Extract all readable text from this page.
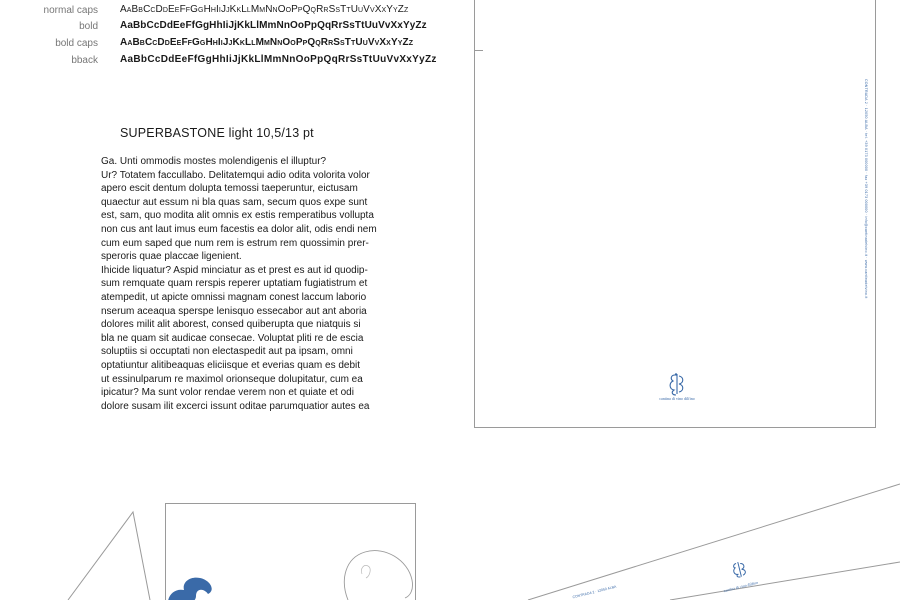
normal caps AaBbCcDdEeFfGgHhIiJjKkLlMmNnOoPpQqRrSsTtUuVvXxYyZz
bold AaBbCcDdEeFfGgHhIiJjKkLlMmNnOoPpQqRrSsTtUuVvXxYyZz
bold caps AaBbCcDdEeFfGgHhIiJjKkLlMmNnOoPpQqRrSsTtUuVvXxYyZz
bback AaBbCcDdEeFfGgHhIiJjKkLlMmNnOoPpQqRrSsTtUuVvXxYyZz
SUPERBASTONE light 10,5/13 pt

Ga. Unti ommodis mostes molendigenis el illuptur?
Ur? Totatem faccullabo. Delitatemqui adio odita volorita volor
apero escit dentum dolupta temossi taeperuntur, eictusam
quaectur aut essum ni bla quas sam, secum quos expe sunt
est, sam, quo modita alit omnis ex estis remperatibus vollupta
non cus ant laut imus eum facestis ea dolor alit, odis endi nem
cum eum saped que num rem is estrum rem quossimin prer-
speroris quae placcae ligenient.

Ihicide liquatur? Aspid minciatur as et prest es aut id quodip-
sum remquate quam rerspis reperer uptatiam fugiatistrum et
atempedit, ut apicte omnissi magnam conest laccum laborio
nserum aceaqua sperspe lenisquo essecabor aut ant aboria
dolores milit alit aborest, consed quiberupta que niatquis si
bla ne quam sit audicae consecae. Voluptat pliti re de escia
soluptiis si occuptati non electaspedit aut pa ipsam, omni
optatiuntur alitibeaquas eliciisque et everias quam es debit
ut essinulparum re maximol orionseque dolupitatur, cum ea
ipicatur? Ma sunt volor rendae verem non et quiate et odi
dolore susam ilit excerci issunt oditae parumquatior autes ea

CONTRADA 2 · 12050 ALBA · tel. +39 0173 000000 · fax +39 0173 000000 · info@cantinadelvino.it · www.cantinadelvino.it
cantina di vino dilfino
cantina di vino dilfino
CONTRADA 2 · 12050 ALBA
